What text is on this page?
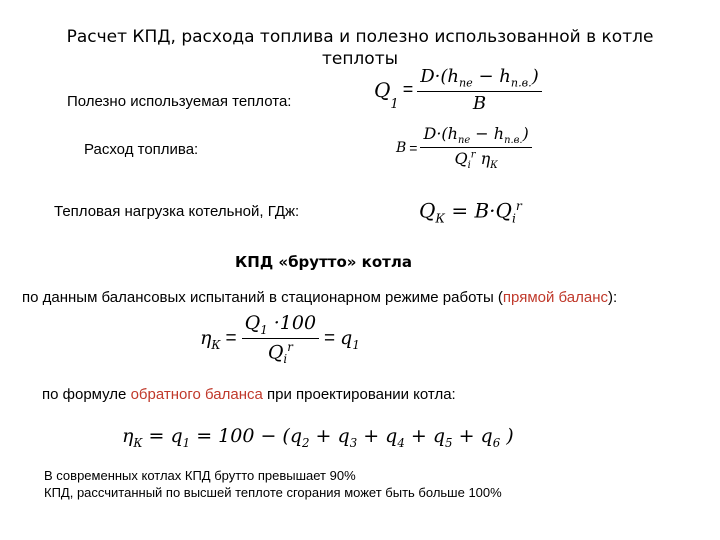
Расчет КПД, расхода топлива и полезно использованной в котле
теплоты
Полезно используемая теплота:	Q
1
= $\frac{D\cdot(h_{пе} - h_{п.в.})}{B}$
Расход топлива:	$B = \frac{D\cdot(h_{пе} - h_{п.в.})}{Q_i^r \eta_К}$
Тепловая нагрузка котельной, ГДж:	$Q_К = B\cdot Q_i^r$
КПД «брутто» котла
по данным балансовых испытаний в стационарном режиме работы (прямой баланс):
$\eta_К = \frac{Q_1 \cdot 100}{Q_i^r} = q_1$
по формуле обратного баланса при проектировании котла:
$\eta_К = q_1 = 100 - (q_2 + q_3 + q_4 + q_5 + q_6$ )
В современных котлах КПД брутто превышает 90%
КПД, рассчитанный по высшей теплоте сгорания может быть больше 100%
